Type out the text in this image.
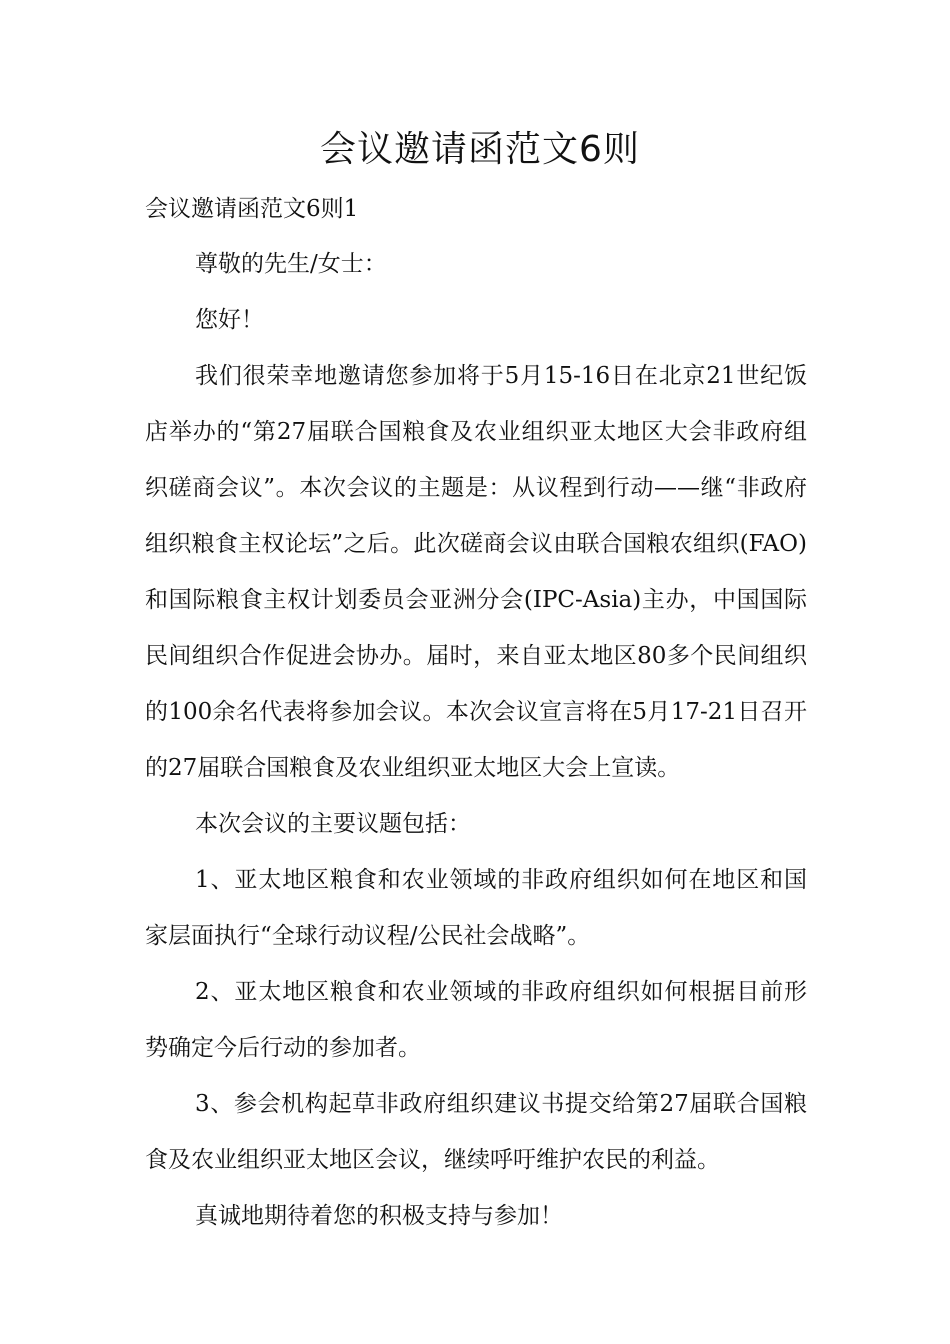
会议邀请函范文6则

会议邀请函范文6则1

尊敬的先生/女士：

您好！

我们很荣幸地邀请您参加将于5月15-16日在北京21世纪饭店举办的“第27届联合国粮食及农业组织亚太地区大会非政府组织磋商会议”。本次会议的主题是：从议程到行动——继“非政府组织粮食主权论坛”之后。此次磋商会议由联合国粮农组织(FAO)和国际粮食主权计划委员会亚洲分会(IPC-Asia)主办，中国国际民间组织合作促进会协办。届时，来自亚太地区80多个民间组织的100余名代表将参加会议。本次会议宣言将在5月17-21日召开的27届联合国粮食及农业组织亚太地区大会上宣读。

本次会议的主要议题包括：

1、亚太地区粮食和农业领域的非政府组织如何在地区和国家层面执行“全球行动议程/公民社会战略”。

2、亚太地区粮食和农业领域的非政府组织如何根据目前形势确定今后行动的参加者。

3、参会机构起草非政府组织建议书提交给第27届联合国粮食及农业组织亚太地区会议，继续呼吁维护农民的利益。

真诚地期待着您的积极支持与参加！
